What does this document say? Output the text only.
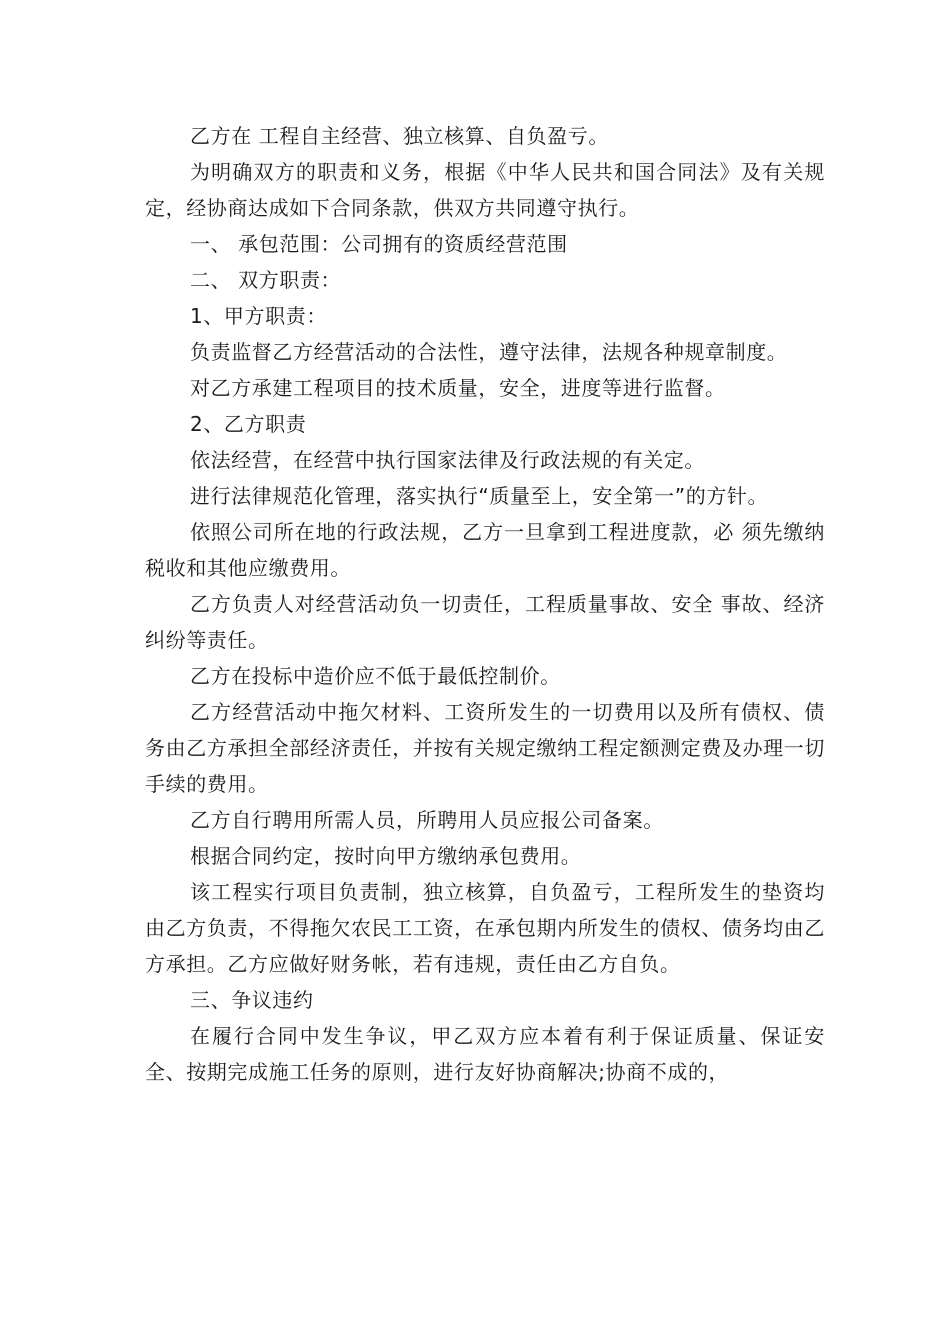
乙方在 工程自主经营、独立核算、自负盈亏。

为明确双方的职责和义务，根据《中华人民共和国合同法》及有关规定，经协商达成如下合同条款，供双方共同遵守执行。

一、 承包范围：公司拥有的资质经营范围

二、 双方职责：

1、甲方职责：

负责监督乙方经营活动的合法性，遵守法律，法规各种规章制度。

对乙方承建工程项目的技术质量，安全，进度等进行监督。

2、乙方职责

依法经营，在经营中执行国家法律及行政法规的有关定。

进行法律规范化管理，落实执行“质量至上，安全第一”的方针。

依照公司所在地的行政法规，乙方一旦拿到工程进度款，必 须先缴纳税收和其他应缴费用。

乙方负责人对经营活动负一切责任，工程质量事故、安全 事故、经济纠纷等责任。

乙方在投标中造价应不低于最低控制价。

乙方经营活动中拖欠材料、工资所发生的一切费用以及所有债权、债务由乙方承担全部经济责任，并按有关规定缴纳工程定额测定费及办理一切手续的费用。

乙方自行聘用所需人员，所聘用人员应报公司备案。

根据合同约定，按时向甲方缴纳承包费用。

该工程实行项目负责制，独立核算，自负盈亏，工程所发生的垫资均由乙方负责，不得拖欠农民工工资，在承包期内所发生的债权、债务均由乙方承担。乙方应做好财务帐，若有违规，责任由乙方自负。

三、争议违约

在履行合同中发生争议，甲乙双方应本着有利于保证质量、保证安全、按期完成施工任务的原则，进行友好协商解决;协商不成的，
